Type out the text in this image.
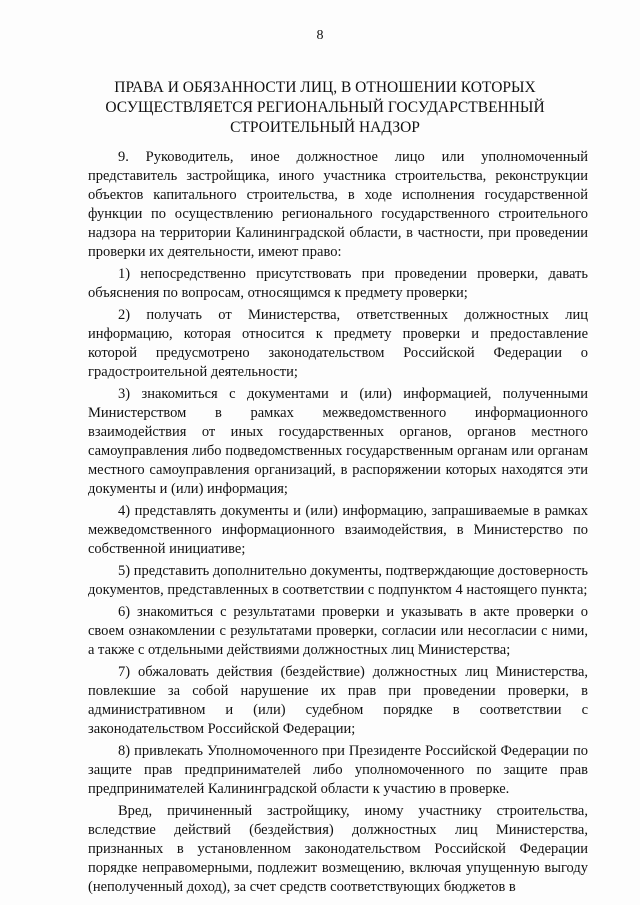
8
ПРАВА И ОБЯЗАННОСТИ ЛИЦ, В ОТНОШЕНИИ КОТОРЫХ
ОСУЩЕСТВЛЯЕТСЯ РЕГИОНАЛЬНЫЙ ГОСУДАРСТВЕННЫЙ
СТРОИТЕЛЬНЫЙ НАДЗОР

9. Руководитель, иное должностное лицо или уполномоченный представитель застройщика, иного участника строительства, реконструкции объектов капитального строительства, в ходе исполнения государственной функции по осуществлению регионального государственного строительного надзора на территории Калининградской области, в частности, при проведении проверки их деятельности, имеют право:

1) непосредственно присутствовать при проведении проверки, давать объяснения по вопросам, относящимся к предмету проверки;

2) получать от Министерства, ответственных должностных лиц информацию, которая относится к предмету проверки и предоставление которой предусмотрено законодательством Российской Федерации о градостроительной деятельности;

3) знакомиться с документами и (или) информацией, полученными Министерством в рамках межведомственного информационного взаимодействия от иных государственных органов, органов местного самоуправления либо подведомственных государственным органам или органам местного самоуправления организаций, в распоряжении которых находятся эти документы и (или) информация;

4) представлять документы и (или) информацию, запрашиваемые в рамках межведомственного информационного взаимодействия, в Министерство по собственной инициативе;

5) представить дополнительно документы, подтверждающие достоверность документов, представленных в соответствии с подпунктом 4 настоящего пункта;

6) знакомиться с результатами проверки и указывать в акте проверки о своем ознакомлении с результатами проверки, согласии или несогласии с ними, а также с отдельными действиями должностных лиц Министерства;

7) обжаловать действия (бездействие) должностных лиц Министерства, повлекшие за собой нарушение их прав при проведении проверки, в административном и (или) судебном порядке в соответствии с законодательством Российской Федерации;

8) привлекать Уполномоченного при Президенте Российской Федерации по защите прав предпринимателей либо уполномоченного по защите прав предпринимателей Калининградской области к участию в проверке.

Вред, причиненный застройщику, иному участнику строительства, вследствие действий (бездействия) должностных лиц Министерства, признанных в установленном законодательством Российской Федерации порядке неправомерными, подлежит возмещению, включая упущенную выгоду (неполученный доход), за счет средств соответствующих бюджетов в
